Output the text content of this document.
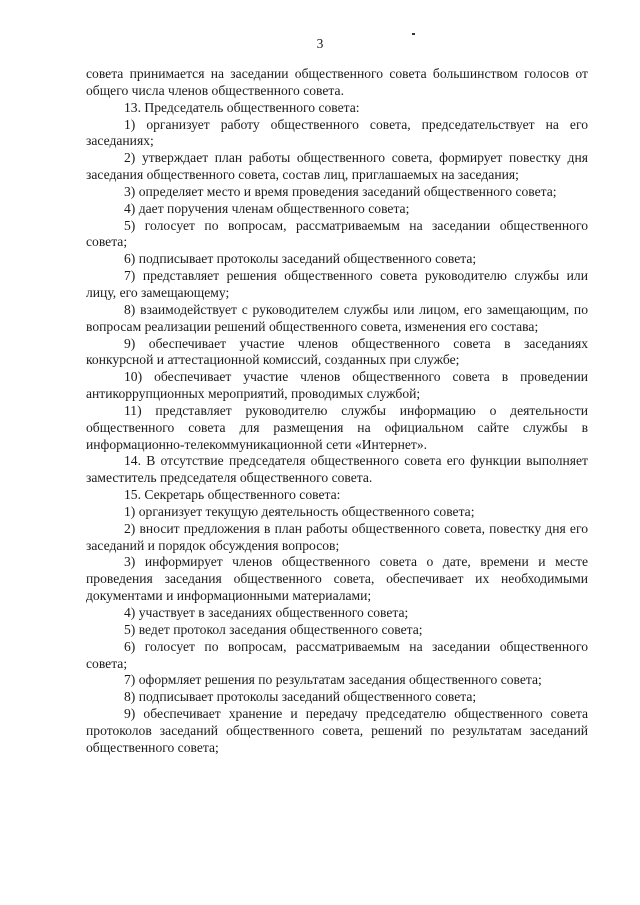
3

совета принимается на заседании общественного совета большинством голосов от общего числа членов общественного совета.

13. Председатель общественного совета:

1) организует работу общественного совета, председательствует на его заседаниях;

2) утверждает план работы общественного совета, формирует повестку дня заседания общественного совета, состав лиц, приглашаемых на заседания;

3) определяет место и время проведения заседаний общественного совета;

4) дает поручения членам общественного совета;

5) голосует по вопросам, рассматриваемым на заседании общественного совета;

6) подписывает протоколы заседаний общественного совета;

7) представляет решения общественного совета руководителю службы или лицу, его замещающему;

8) взаимодействует с руководителем службы или лицом, его замещающим, по вопросам реализации решений общественного совета, изменения его состава;

9) обеспечивает участие членов общественного совета в заседаниях конкурсной и аттестационной комиссий, созданных при службе;

10) обеспечивает участие членов общественного совета в проведении антикоррупционных мероприятий, проводимых службой;

11) представляет руководителю службы информацию о деятельности общественного совета для размещения на официальном сайте службы в информационно-телекоммуникационной сети «Интернет».

14. В отсутствие председателя общественного совета его функции выполняет заместитель председателя общественного совета.

15. Секретарь общественного совета:

1) организует текущую деятельность общественного совета;

2) вносит предложения в план работы общественного совета, повестку дня его заседаний и порядок обсуждения вопросов;

3) информирует членов общественного совета о дате, времени и месте проведения заседания общественного совета, обеспечивает их необходимыми документами и информационными материалами;

4) участвует в заседаниях общественного совета;

5) ведет протокол заседания общественного совета;

6) голосует по вопросам, рассматриваемым на заседании общественного совета;

7) оформляет решения по результатам заседания общественного совета;

8) подписывает протоколы заседаний общественного совета;

9) обеспечивает хранение и передачу председателю общественного совета протоколов заседаний общественного совета, решений по результатам заседаний общественного совета;
